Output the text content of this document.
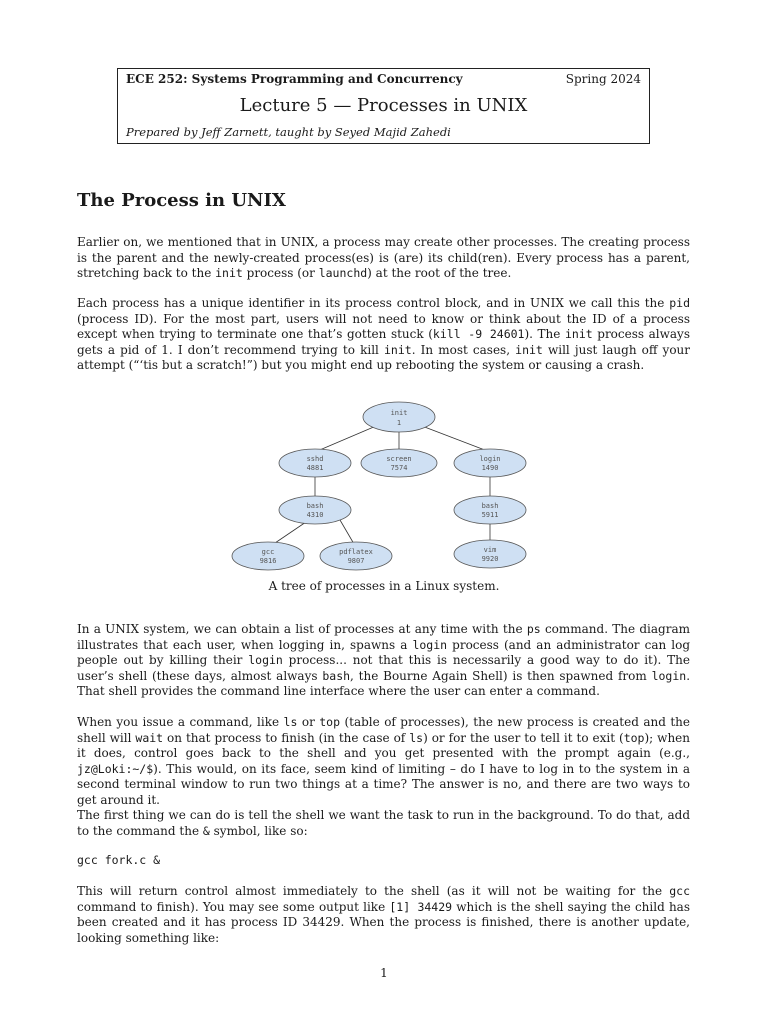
ECE 252: Systems Programming and Concurrency	Spring 2024
Lecture 5 — Processes in UNIX
Prepared by Jeff Zarnett, taught by Seyed Majid Zahedi
The Process in UNIX

Earlier on, we mentioned that in UNIX, a process may create other processes. The creating process is the parent and the newly-created process(es) is (are) its child(ren). Every process has a parent, stretching back to the init process (or launchd) at the root of the tree.

Each process has a unique identifier in its process control block, and in UNIX we call this the pid (process ID). For the most part, users will not need to know or think about the ID of a process except when trying to terminate one that’s gotten stuck (kill -9 24601). The init process always gets a pid of 1. I don’t recommend trying to kill init. In most cases, init will just laugh off your attempt (“‘tis but a scratch!”) but you might end up rebooting the system or causing a crash.

init
1
sshd
4881
screen
7574
login
1490
bash
4310
bash
5911
gcc
9816
pdflatex
9807
vim
9920
A tree of processes in a Linux system.

In a UNIX system, we can obtain a list of processes at any time with the ps command. The diagram illustrates that each user, when logging in, spawns a login process (and an administrator can log people out by killing their login process... not that this is necessarily a good way to do it). The user’s shell (these days, almost always bash, the Bourne Again Shell) is then spawned from login. That shell provides the command line interface where the user can enter a command.

When you issue a command, like ls or top (table of processes), the new process is created and the shell will wait on that process to finish (in the case of ls) or for the user to tell it to exit (top); when it does, control goes back to the shell and you get presented with the prompt again (e.g., jz@Loki:~/$). This would, on its face, seem kind of limiting – do I have to log in to the system in a second terminal window to run two things at a time? The answer is no, and there are two ways to get around it.

The first thing we can do is tell the shell we want the task to run in the background. To do that, add to the command the & symbol, like so:

gcc fork.c &

This will return control almost immediately to the shell (as it will not be waiting for the gcc command to finish). You may see some output like [1] 34429 which is the shell saying the child has been created and it has process ID 34429. When the process is finished, there is another update, looking something like:

1
